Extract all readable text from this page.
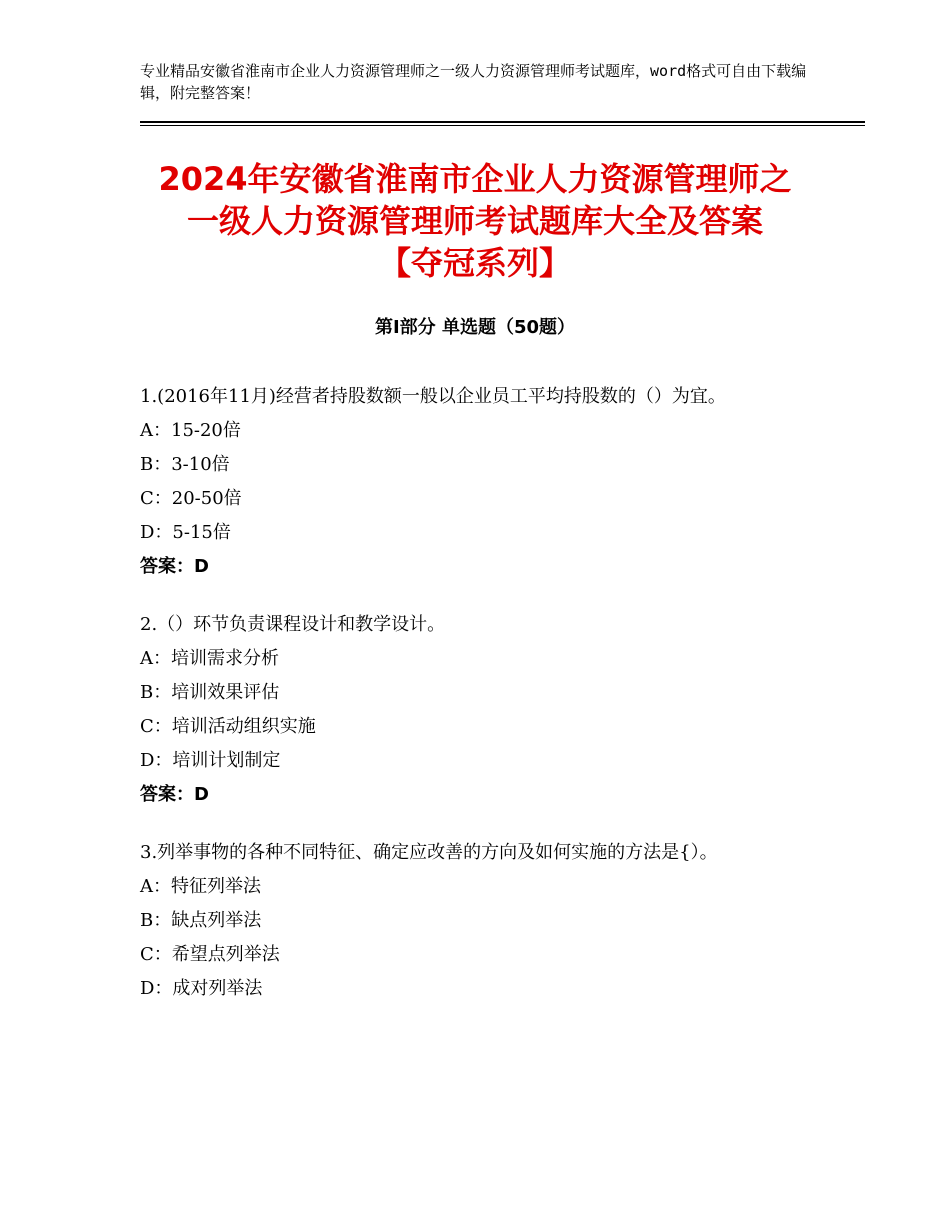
专业精品安徽省淮南市企业人力资源管理师之一级人力资源管理师考试题库，word格式可自由下载编辑，附完整答案！
2024年安徽省淮南市企业人力资源管理师之
一级人力资源管理师考试题库大全及答案
【夺冠系列】
第Ⅰ部分 单选题（50题）
1.(2016年11月)经营者持股数额一般以企业员工平均持股数的（）为宜。
A：15-20倍
B：3-10倍
C：20-50倍
D：5-15倍
答案：D
2.（）环节负责课程设计和教学设计。
A：培训需求分析
B：培训效果评估
C：培训活动组织实施
D：培训计划制定
答案：D
3.列举事物的各种不同特征、确定应改善的方向及如何实施的方法是{）。
A：特征列举法
B：缺点列举法
C：希望点列举法
D：成对列举法
